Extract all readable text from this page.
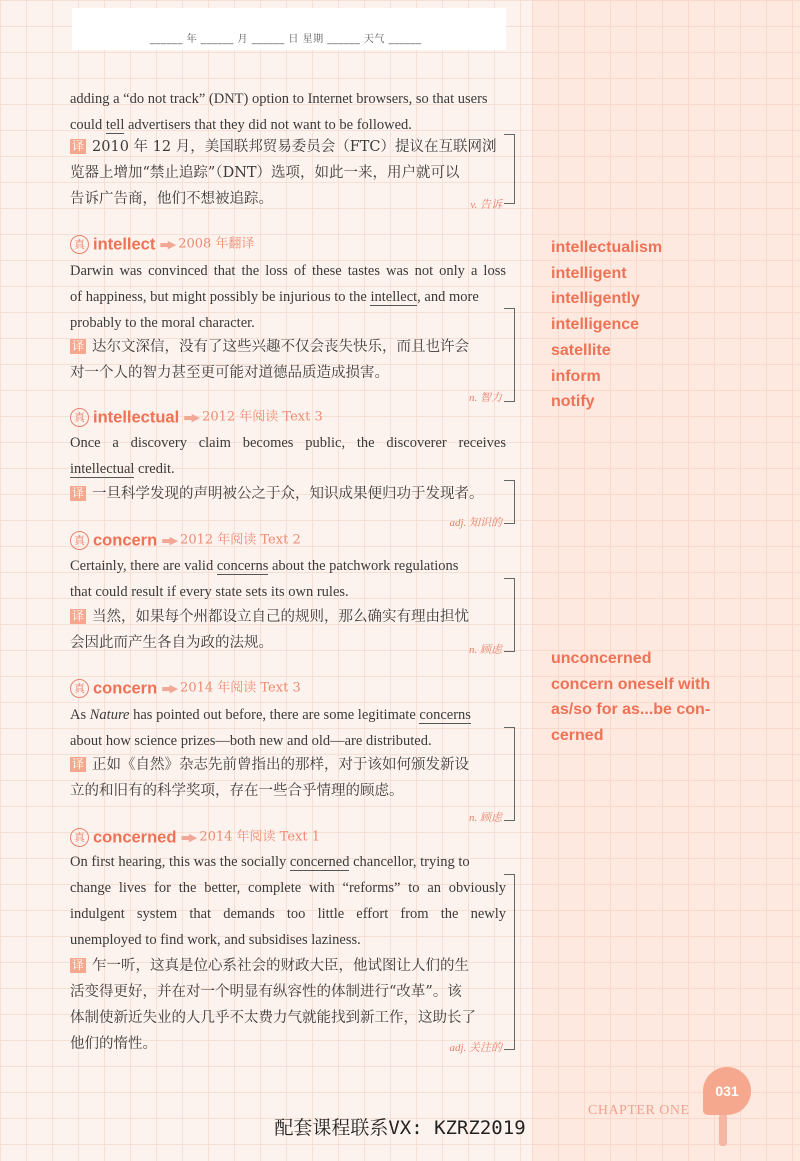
______ 年 ______ 月 ______ 日 星期 ______ 天气 ______
adding a “do not track” (DNT) option to Internet browsers, so that users
could tell advertisers that they did not want to be followed.
译 2010 年 12 月，美国联邦贸易委员会（FTC）提议在互联网浏
览器上增加“禁止追踪”（DNT）选项，如此一来，用户就可以
告诉广告商，他们不想被追踪。	v. 告诉
真 intellect ▬▶ 2008 年翻译
Darwin was convinced that the loss of these tastes was not only a loss
of happiness, but might possibly be injurious to the intellect, and more
probably to the moral character.
译 达尔文深信，没有了这些兴趣不仅会丧失快乐，而且也许会
对一个人的智力甚至更可能对道德品质造成损害。
n. 智力
真 intellectual ▬▶ 2012 年阅读 Text 3
Once a discovery claim becomes public, the discoverer receives
intellectual credit.
译 一旦科学发现的声明被公之于众，知识成果便归功于发现者。
adj. 知识的
真 concern ▬▶ 2012 年阅读 Text 2
Certainly, there are valid concerns about the patchwork regulations
that could result if every state sets its own rules.
译 当然，如果每个州都设立自己的规则，那么确实有理由担忧
会因此而产生各自为政的法规。	n. 顾虑
真 concern ▬▶ 2014 年阅读 Text 3
As Nature has pointed out before, there are some legitimate concerns
about how science prizes—both new and old—are distributed.
译 正如《自然》杂志先前曾指出的那样，对于该如何颁发新设
立的和旧有的科学奖项，存在一些合乎情理的顾虑。
n. 顾虑
真 concerned ▬▶ 2014 年阅读 Text 1
On first hearing, this was the socially concerned chancellor, trying to
change lives for the better, complete with “reforms” to an obviously
indulgent system that demands too little effort from the newly
unemployed to find work, and subsidises laziness.
译 乍一听，这真是位心系社会的财政大臣，他试图让人们的生
活变得更好，并在对一个明显有纵容性的体制进行“改革”。该
体制使新近失业的人几乎不太费力气就能找到新工作，这助长了
他们的惰性。	adj. 关注的
intellectualism
intelligent
intelligently
intelligence
satellite
inform
notify
unconcerned
concern oneself with
as/so for as...be con-
cerned
031
CHAPTER ONE
配套课程联系VX: KZRZ2019
